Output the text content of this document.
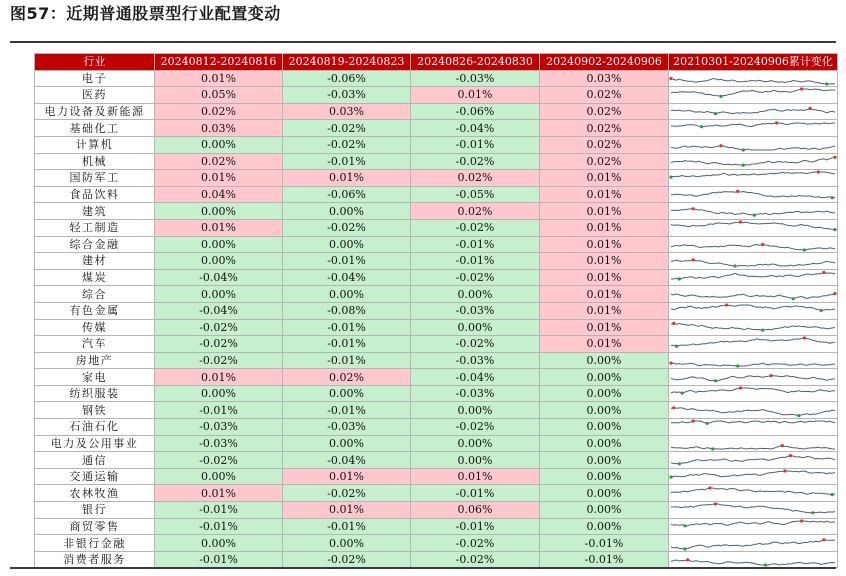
图57：近期普通股票型行业配置变动
行业	20240812-20240816	20240819-20240823	20240826-20240830	20240902-20240906	20210301-20240906累计变化
电子	0.01%	-0.06%	-0.03%	0.03%	

医药	0.05%	-0.03%	0.01%	0.02%	

电力设备及新能源	0.02%	0.03%	-0.06%	0.02%	

基础化工	0.03%	-0.02%	-0.04%	0.02%	

计算机	0.00%	-0.02%	-0.01%	0.02%	

机械	0.02%	-0.01%	-0.02%	0.02%	

国防军工	0.01%	0.01%	0.02%	0.01%	

食品饮料	0.04%	-0.06%	-0.05%	0.01%	

建筑	0.00%	0.00%	0.02%	0.01%	

轻工制造	0.01%	-0.02%	-0.02%	0.01%	

综合金融	0.00%	0.00%	-0.01%	0.01%	

建材	0.00%	-0.01%	-0.01%	0.01%	

煤炭	-0.04%	-0.04%	-0.02%	0.01%	

综合	0.00%	0.00%	0.00%	0.01%	

有色金属	-0.04%	-0.08%	-0.03%	0.01%	

传媒	-0.02%	-0.01%	0.00%	0.01%	

汽车	-0.02%	-0.01%	-0.02%	0.01%	

房地产	-0.02%	-0.01%	-0.03%	0.00%	

家电	0.01%	0.02%	-0.04%	0.00%	

纺织服装	0.00%	0.00%	-0.03%	0.00%	

钢铁	-0.01%	-0.01%	0.00%	0.00%	

石油石化	-0.03%	-0.03%	-0.02%	0.00%	

电力及公用事业	-0.03%	0.00%	0.00%	0.00%	

通信	-0.02%	-0.04%	0.00%	0.00%	

交通运输	0.00%	0.01%	0.01%	0.00%	

农林牧渔	0.01%	-0.02%	-0.01%	0.00%	

银行	-0.01%	0.01%	0.06%	0.00%	

商贸零售	-0.01%	-0.01%	-0.01%	0.00%	

非银行金融	0.00%	0.00%	-0.02%	-0.01%	

消费者服务	-0.01%	-0.02%	-0.02%	-0.01%	
